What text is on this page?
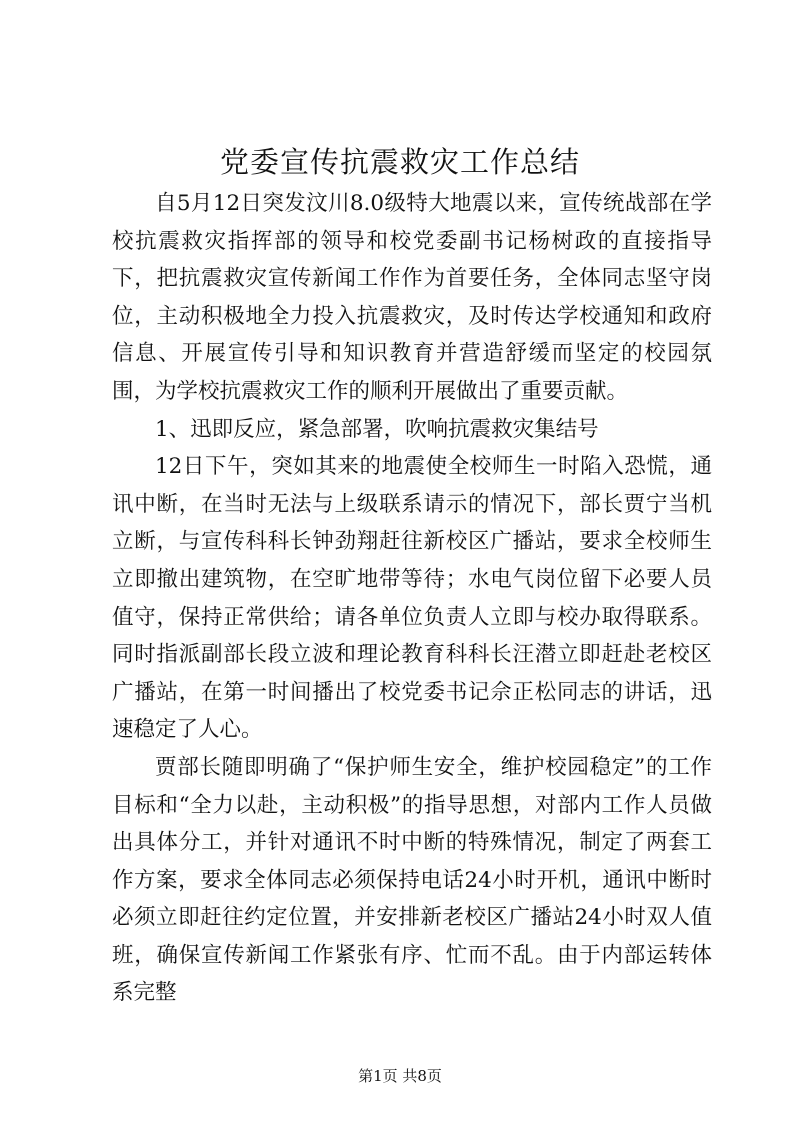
党委宣传抗震救灾工作总结

自5月12日突发汶川8.0级特大地震以来，宣传统战部在学校抗震救灾指挥部的领导和校党委副书记杨树政的直接指导下，把抗震救灾宣传新闻工作作为首要任务，全体同志坚守岗位，主动积极地全力投入抗震救灾，及时传达学校通知和政府信息、开展宣传引导和知识教育并营造舒缓而坚定的校园氛围，为学校抗震救灾工作的顺利开展做出了重要贡献。

1、迅即反应，紧急部署，吹响抗震救灾集结号

12日下午，突如其来的地震使全校师生一时陷入恐慌，通讯中断，在当时无法与上级联系请示的情况下，部长贾宁当机立断，与宣传科科长钟劲翔赶往新校区广播站，要求全校师生立即撤出建筑物，在空旷地带等待；水电气岗位留下必要人员值守，保持正常供给；请各单位负责人立即与校办取得联系。同时指派副部长段立波和理论教育科科长汪潜立即赶赴老校区广播站，在第一时间播出了校党委书记佘正松同志的讲话，迅速稳定了人心。

贾部长随即明确了“保护师生安全，维护校园稳定”的工作目标和“全力以赴，主动积极”的指导思想，对部内工作人员做出具体分工，并针对通讯不时中断的特殊情况，制定了两套工作方案，要求全体同志必须保持电话24小时开机，通讯中断时必须立即赶往约定位置，并安排新老校区广播站24小时双人值班，确保宣传新闻工作紧张有序、忙而不乱。由于内部运转体系完整

第1页 共8页
